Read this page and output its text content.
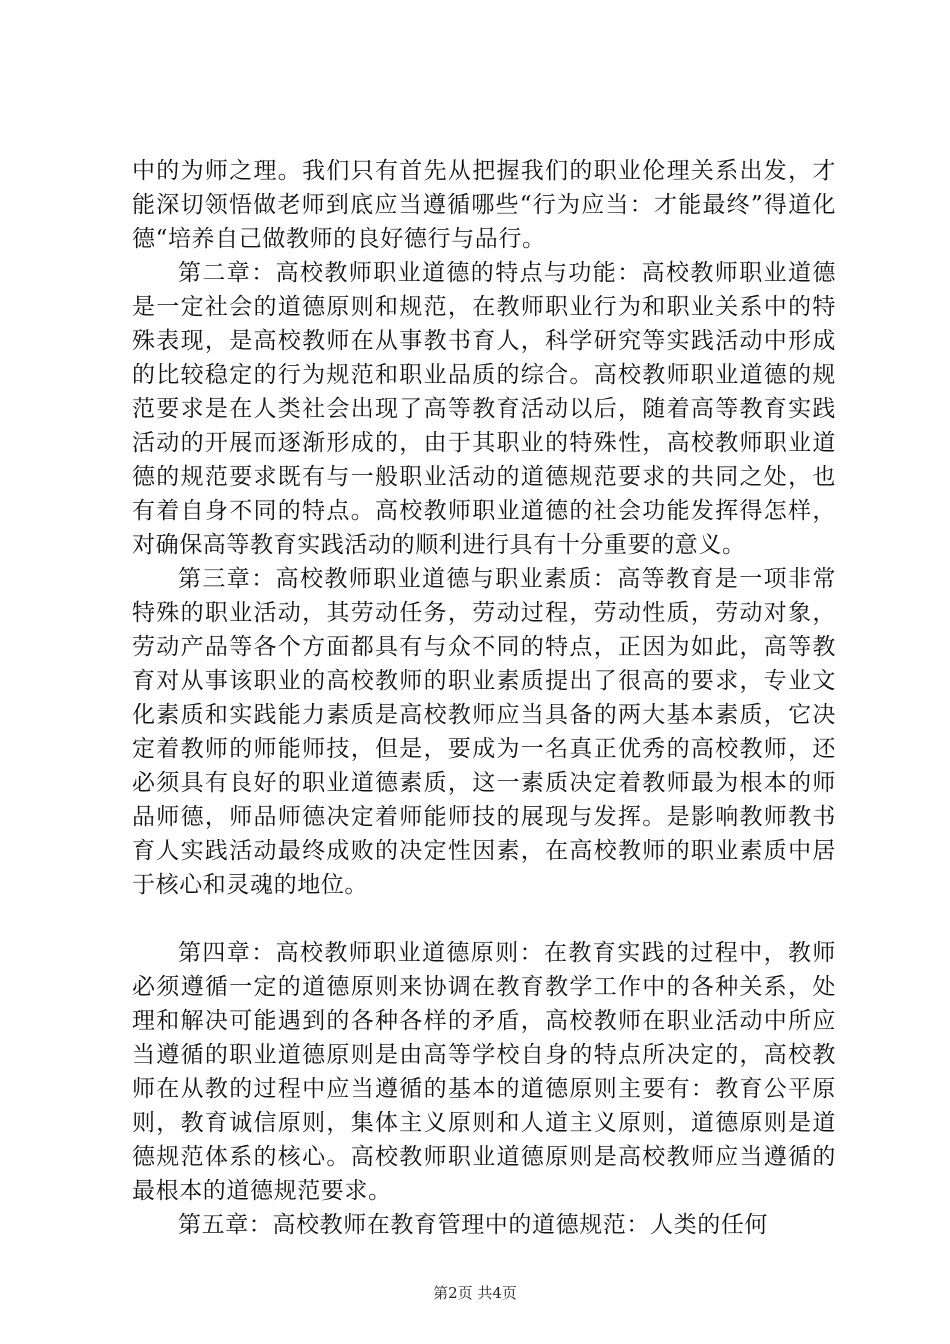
中的为师之理。我们只有首先从把握我们的职业伦理关系出发，才能深切领悟做老师到底应当遵循哪些“行为应当：才能最终”得道化德“培养自己做教师的良好德行与品行。

第二章：高校教师职业道德的特点与功能：高校教师职业道德是一定社会的道德原则和规范，在教师职业行为和职业关系中的特殊表现，是高校教师在从事教书育人，科学研究等实践活动中形成的比较稳定的行为规范和职业品质的综合。高校教师职业道德的规范要求是在人类社会出现了高等教育活动以后，随着高等教育实践活动的开展而逐渐形成的，由于其职业的特殊性，高校教师职业道德的规范要求既有与一般职业活动的道德规范要求的共同之处，也有着自身不同的特点。高校教师职业道德的社会功能发挥得怎样，对确保高等教育实践活动的顺利进行具有十分重要的意义。

第三章：高校教师职业道德与职业素质：高等教育是一项非常特殊的职业活动，其劳动任务，劳动过程，劳动性质，劳动对象，劳动产品等各个方面都具有与众不同的特点，正因为如此，高等教育对从事该职业的高校教师的职业素质提出了很高的要求，专业文化素质和实践能力素质是高校教师应当具备的两大基本素质，它决定着教师的师能师技，但是，要成为一名真正优秀的高校教师，还必须具有良好的职业道德素质，这一素质决定着教师最为根本的师品师德，师品师德决定着师能师技的展现与发挥。是影响教师教书育人实践活动最终成败的决定性因素，在高校教师的职业素质中居于核心和灵魂的地位。

第四章：高校教师职业道德原则：在教育实践的过程中，教师必须遵循一定的道德原则来协调在教育教学工作中的各种关系，处理和解决可能遇到的各种各样的矛盾，高校教师在职业活动中所应当遵循的职业道德原则是由高等学校自身的特点所决定的，高校教师在从教的过程中应当遵循的基本的道德原则主要有：教育公平原则，教育诚信原则，集体主义原则和人道主义原则，道德原则是道德规范体系的核心。高校教师职业道德原则是高校教师应当遵循的最根本的道德规范要求。

第五章：高校教师在教育管理中的道德规范：人类的任何

第2页 共4页
